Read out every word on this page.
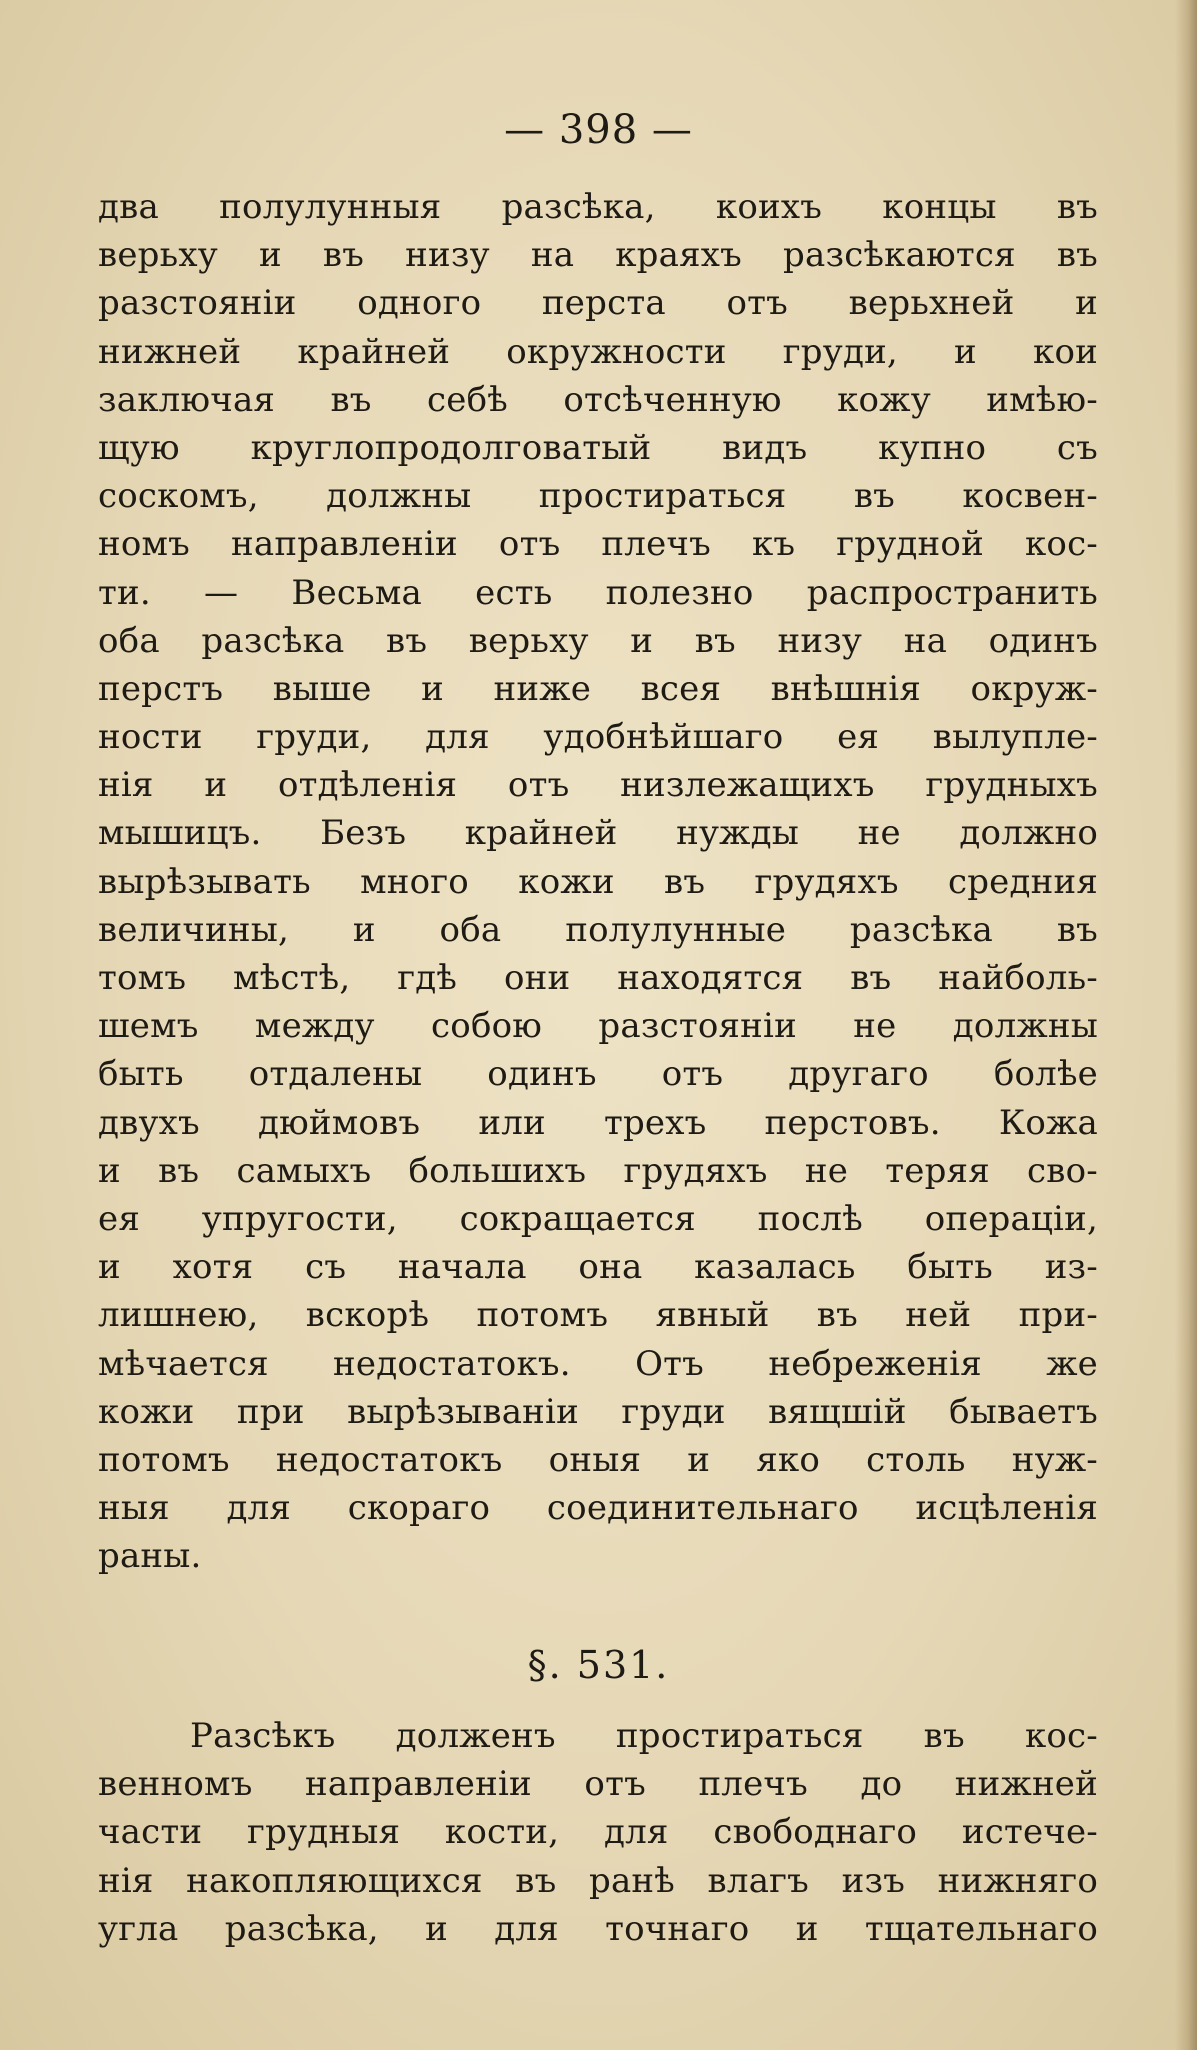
— 398 —
два полулунныя разсѣка, коихъ концы въ
верьху и въ низу на краяхъ разсѣкаются въ
разстояніи одного перста отъ верьхней и
нижней крайней окружности груди, и кои
заключая въ себѣ отсѣченную кожу имѣю-
щую круглопродолговатый видъ купно съ
соскомъ, должны простираться въ косвен-
номъ направленіи отъ плечъ къ грудной кос-
ти. — Весьма есть полезно распространить
оба разсѣка въ верьху и въ низу на одинъ
перстъ выше и ниже всея внѣшнія окруж-
ности груди, для удобнѣйшаго ея вылупле-
нія и отдѣленія отъ низлежащихъ грудныхъ
мышицъ. Безъ крайней нужды не должно
вырѣзывать много кожи въ грудяхъ средния
величины, и оба полулунные разсѣка въ
томъ мѣстѣ, гдѣ они находятся въ найболь-
шемъ между собою разстояніи не должны
быть отдалены одинъ отъ другаго болѣе
двухъ дюймовъ или трехъ перстовъ. Кожа
и въ самыхъ большихъ грудяхъ не теряя сво-
ея упругости, сокращается послѣ операціи,
и хотя съ начала она казалась быть из-
лишнею, вскорѣ потомъ явный въ ней при-
мѣчается недостатокъ. Отъ небреженія же
кожи при вырѣзываніи груди вящшій бываетъ
потомъ недостатокъ оныя и яко столь нуж-
ныя для скораго соединительнаго исцѣленія
раны.
§. 531.
Разсѣкъ долженъ простираться въ кос-
венномъ направленіи отъ плечъ до нижней
части грудныя кости, для свободнаго истече-
нія накопляющихся въ ранѣ влагъ изъ нижняго
угла разсѣка, и для точнаго и тщательнаго
